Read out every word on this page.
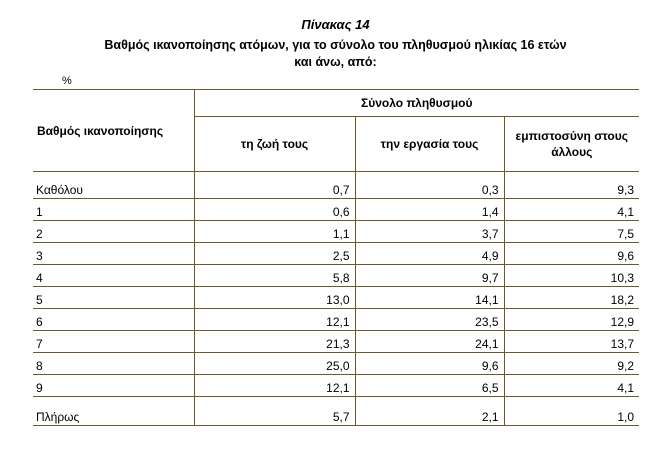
Πίνακας 14
Βαθμός ικανοποίησης ατόμων, για το σύνολο του πληθυσμού ηλικίας 16 ετών
και άνω, από:
%
Βαθμός ικανοποίησης	Σύνολο πληθυσμού		
	τη ζωή τους	την εργασία τους	εμπιστοσύνη στους άλλους
Καθόλου	0,7	0,3	9,3
1	0,6	1,4	4,1
2	1,1	3,7	7,5
3	2,5	4,9	9,6
4	5,8	9,7	10,3
5	13,0	14,1	18,2
6	12,1	23,5	12,9
7	21,3	24,1	13,7
8	25,0	9,6	9,2
9	12,1	6,5	4,1
Πλήρως	5,7	2,1	1,0
